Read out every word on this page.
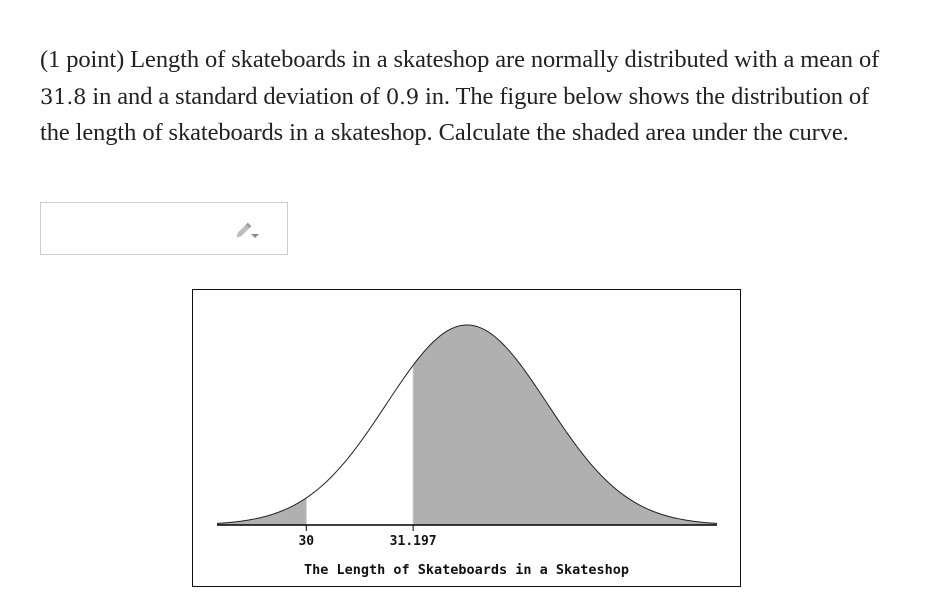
(1 point) Length of skateboards in a skateshop are normally distributed with a mean of 31.8 in and a standard deviation of 0.9 in. The figure below shows the distribution of the length of skateboards in a skateshop. Calculate the shaded area under the curve.
30	31.197
The Length of Skateboards in a Skateshop
